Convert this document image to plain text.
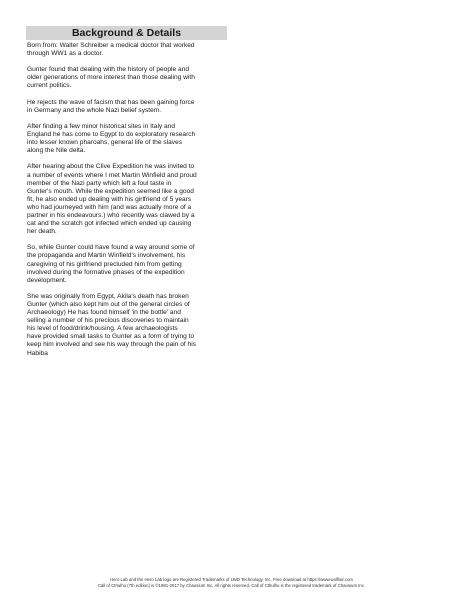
Background & Details

Born from: Walter Schreiber a medical doctor that worked
through WW1 as a doctor.

Gunter found that dealing with the history of people and
older generations of more interest than those dealing with
current politics.

He rejects the wave of facism that has been gaining force
in Germany and the whole Nazi belief system.

After finding a few minor historical sites in Italy and
England he has come to Egypt to do exploratory research
into lesser known pharoahs, general life of the slaves
along the Nile delta.

After hearing about the Clive Expedition he was invited to
a number of events where I met Martin Winfield and proud
member of the Nazi party which left a foul taste in
Gunter's mouth. While the expedition seemed like a good
fit, he also ended up dealing with his girlfriend of 5 years
who had journeyed with him (and was actually more of a
partner in his endeavours.) who recently was clawed by a
cat and the scratch got infected which ended up causing
her death.

So, while Gunter could have found a way around some of
the propaganda and Martin Winfield's involvement, his
caregiving of his girlfriend precluded him from getting
involved during the formative phases of the expedition
development.

She was originally from Egypt, Akila's death has broken
Gunter (which also kept him out of the general circles of
Archaeology) He has found himself 'in the bottle' and
selling a number of his precious discoveries to maintain
his level of food/drink/housing. A few archaeologists
have provided small tasks to Gunter as a form of trying to
keep him involved and see his way through the pain of his
Habiba

Hero Lab and the Hero Lab logo are Registered Trademarks of LWD Technology, Inc. Free download at https://www.wolflair.com
Call of Cthulhu (7th edition) is ©1981-2017 by Chaosium Inc. All rights reserved. Call of Cthulhu is the registered trademark of Chaosium Inc.
